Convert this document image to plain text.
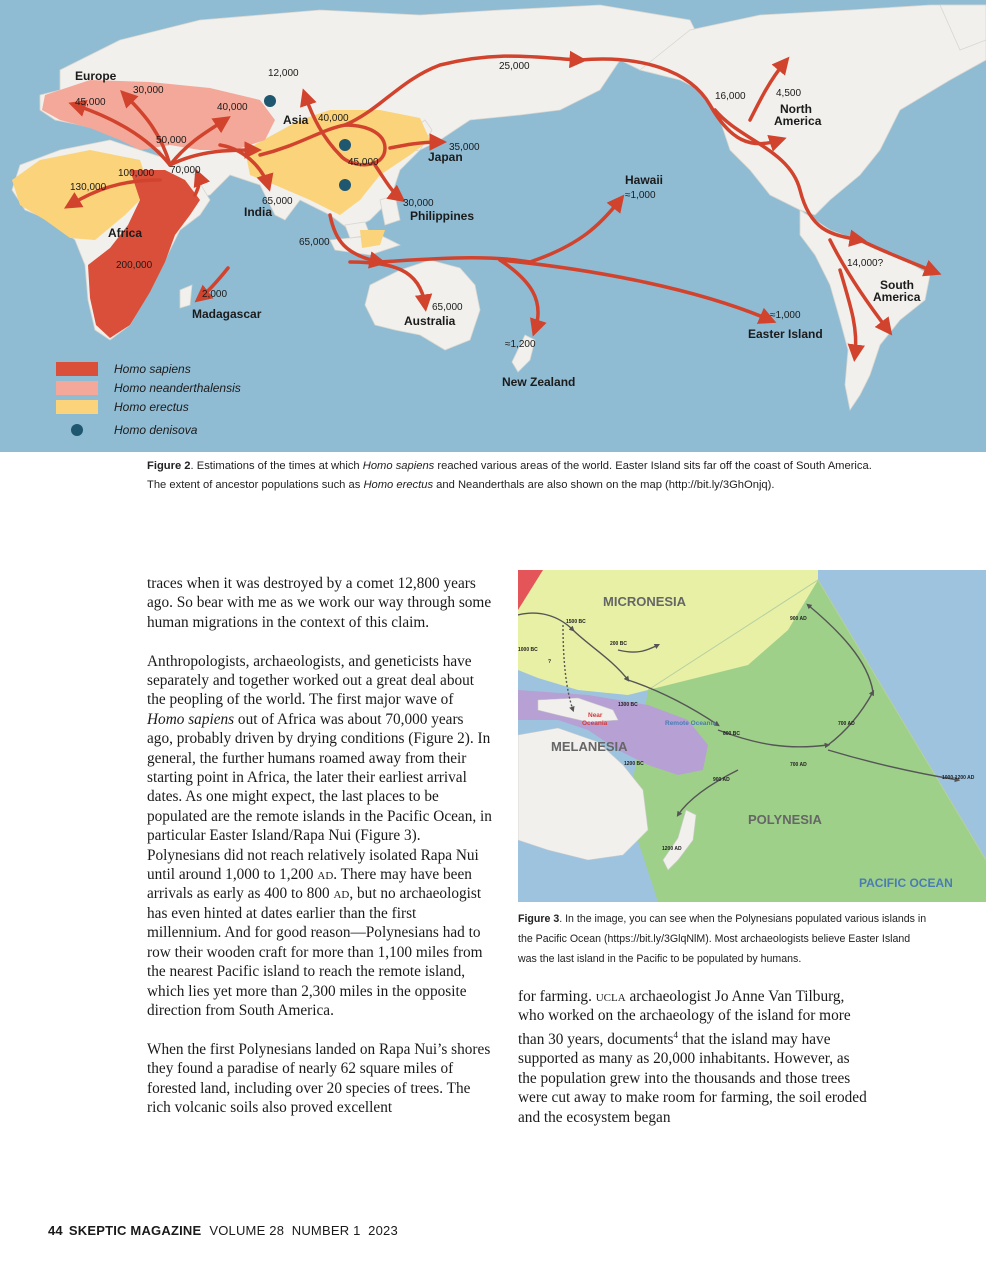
Europe
Asia
Africa
India
Japan
Philippines
Hawaii
North
America
South
America
Madagascar	Australia
New Zealand
Easter Island
12,000
45,000
30,000
40,000
40,000
50,000
45,000
35,000
25,000
16,000	4,500
100,000 70,000
130,000
65,000	30,000
65,000
200,000
2,000
65,000
≈1,200
≈1,000
≈1,000
14,000?
Homo sapiens
Homo neanderthalensis
Homo erectus
Homo denisova
Figure 2. Estimations of the times at which Homo sapiens reached various areas of the world. Easter Island sits far off the coast of South America. The extent of ancestor populations such as Homo erectus and Neanderthals are also shown on the map (http://bit.ly/3GhOnjq).

traces when it was destroyed by a comet 12,800 years ago. So bear with me as we work our way through some human migrations in the context of this claim.

Anthropologists, archaeologists, and geneticists have separately and together worked out a great deal about the peopling of the world. The first major wave of Homo sapiens out of Africa was about 70,000 years ago, probably driven by drying conditions (Figure 2). In general, the further humans roamed away from their starting point in Africa, the later their earliest arrival dates. As one might expect, the last places to be populated are the remote islands in the Pacific Ocean, in particular Easter Island/Rapa Nui (Figure 3). Polynesians did not reach relatively isolated Rapa Nui until around 1,000 to 1,200 ad. There may have been arrivals as early as 400 to 800 ad, but no archaeologist has even hinted at dates earlier than the first millennium. And for good reason—Polynesians had to row their wooden craft for more than 1,100 miles from the nearest Pacific island to reach the remote island, which lies yet more than 2,300 miles in the opposite direction from South America.

When the first Polynesians landed on Rapa Nui’s shores they found a paradise of nearly 62 square miles of forested land, including over 20 species of trees. The rich volcanic soils also proved excellent

MICRONESIA
MELANESIA
POLYNESIA
PACIFIC OCEAN
Near
Oceania	Remote Oceania
1500 BC
1000 BC
200 BC
1300 BC
800 BC
1200 BC
900 AD
700 AD
700 AD
900 AD
1200 AD
1000-1200 AD
?
Figure 3. In the image, you can see when the Polynesians populated various islands in the Pacific Ocean (https://bit.ly/3GlqNlM). Most archaeologists believe Easter Island was the last island in the Pacific to be populated by humans.

for farming. ucla archaeologist Jo Anne Van Tilburg, who worked on the archaeology of the island for more than 30 years, documents$^4$ that the island may have supported as many as 20,000 inhabitants. However, as the population grew into the thousands and those trees were cut away to make room for farming, the soil eroded and the ecosystem began

44 SKEPTIC MAGAZINE VOLUME 28  NUMBER 1  2023
